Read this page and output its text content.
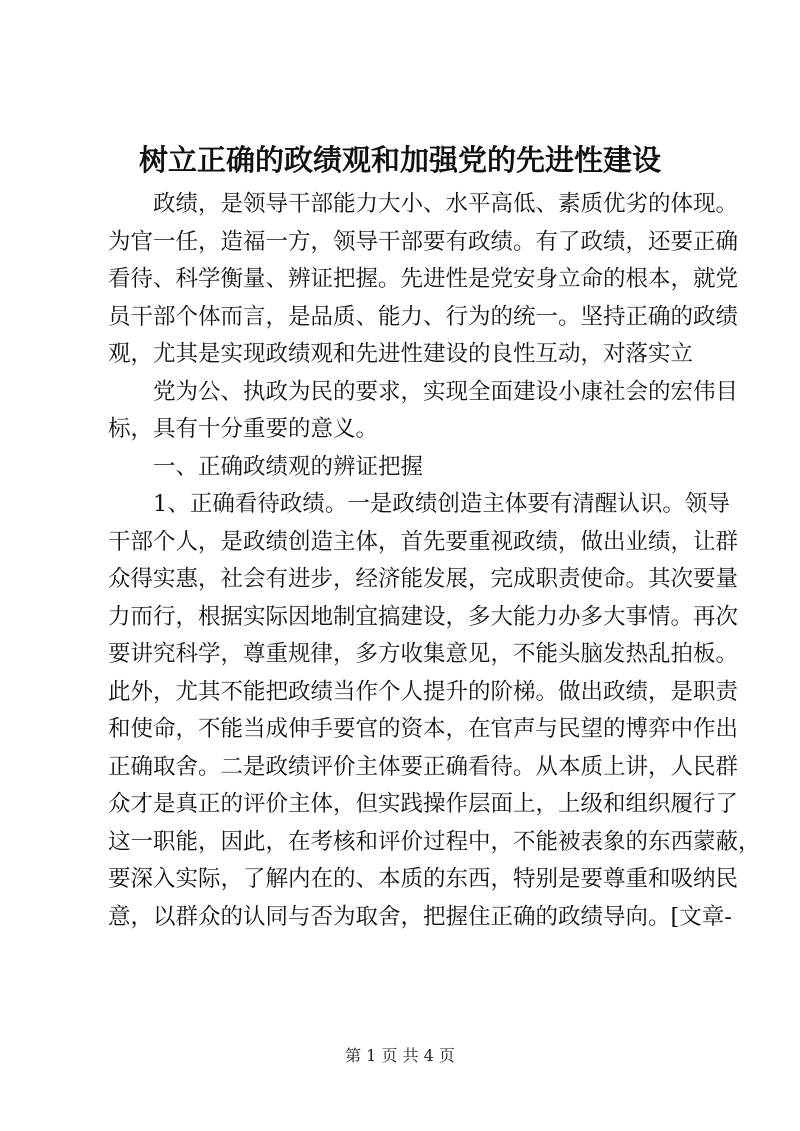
树立正确的政绩观和加强党的先进性建设
政绩，是领导干部能力大小、水平高低、素质优劣的体现。
为官一任，造福一方，领导干部要有政绩。有了政绩，还要正确
看待、科学衡量、辨证把握。先进性是党安身立命的根本，就党
员干部个体而言，是品质、能力、行为的统一。坚持正确的政绩
观，尤其是实现政绩观和先进性建设的良性互动，对落实立
党为公、执政为民的要求，实现全面建设小康社会的宏伟目
标，具有十分重要的意义。
一、正确政绩观的辨证把握
1、正确看待政绩。一是政绩创造主体要有清醒认识。领导
干部个人，是政绩创造主体，首先要重视政绩，做出业绩，让群
众得实惠，社会有进步，经济能发展，完成职责使命。其次要量
力而行，根据实际因地制宜搞建设，多大能力办多大事情。再次
要讲究科学，尊重规律，多方收集意见，不能头脑发热乱拍板。
此外，尤其不能把政绩当作个人提升的阶梯。做出政绩，是职责
和使命，不能当成伸手要官的资本，在官声与民望的博弈中作出
正确取舍。二是政绩评价主体要正确看待。从本质上讲，人民群
众才是真正的评价主体，但实践操作层面上，上级和组织履行了
这一职能，因此，在考核和评价过程中，不能被表象的东西蒙蔽，
要深入实际，了解内在的、本质的东西，特别是要尊重和吸纳民
意，以群众的认同与否为取舍，把握住正确的政绩导向。[文章-
第 1 页 共 4 页
